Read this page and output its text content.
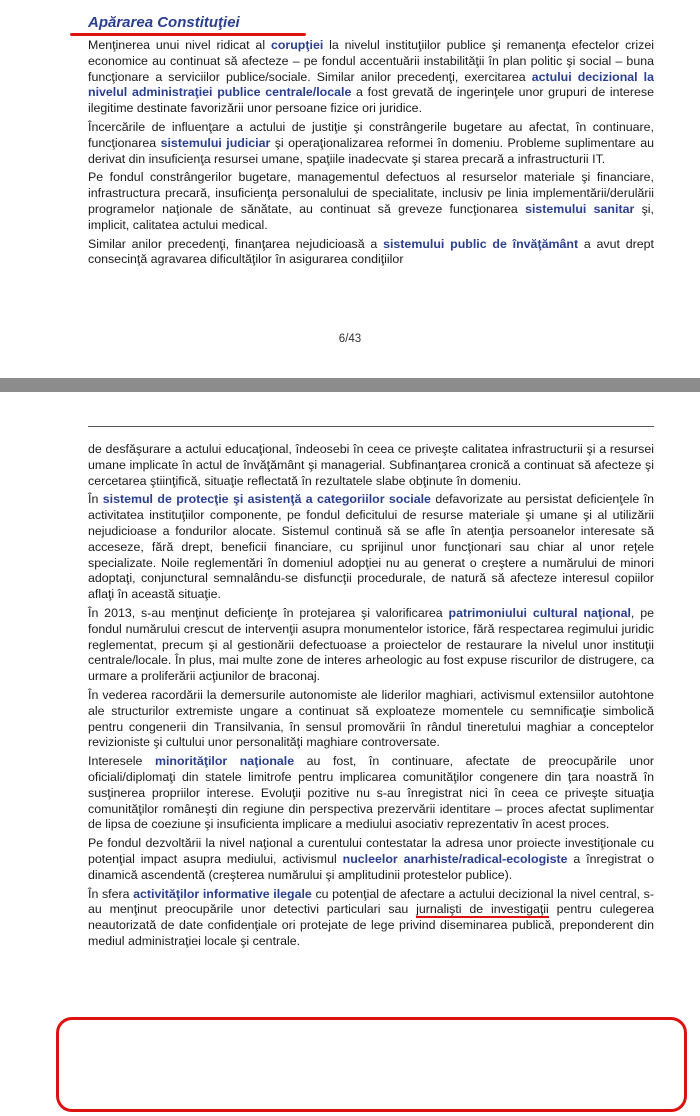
Apărarea Constituţiei

Menţinerea unui nivel ridicat al corupţiei la nivelul instituţiilor publice şi remanenţa efectelor crizei economice au continuat să afecteze – pe fondul accentuării instabilităţii în plan politic şi social – buna funcţionare a serviciilor publice/sociale. Similar anilor precedenţi, exercitarea actului decizional la nivelul administraţiei publice centrale/locale a fost grevată de ingerinţele unor grupuri de interese ilegitime destinate favorizării unor persoane fizice ori juridice.

Încercările de influenţare a actului de justiţie şi constrângerile bugetare au afectat, în continuare, funcţionarea sistemului judiciar şi operaţionalizarea reformei în domeniu. Probleme suplimentare au derivat din insuficienţa resursei umane, spaţiile inadecvate şi starea precară a infrastructurii IT.

Pe fondul constrângerilor bugetare, managementul defectuos al resurselor materiale şi financiare, infrastructura precară, insuficienţa personalului de specialitate, inclusiv pe linia implementării/derulării programelor naţionale de sănătate, au continuat să greveze funcţionarea sistemului sanitar şi, implicit, calitatea actului medical.

Similar anilor precedenţi, finanţarea nejudicioasă a sistemului public de învăţământ a avut drept consecinţă agravarea dificultăţilor în asigurarea condiţiilor

6/43

de desfăşurare a actului educaţional, îndeosebi în ceea ce priveşte calitatea infrastructurii şi a resursei umane implicate în actul de învăţământ şi managerial. Subfinanţarea cronică a continuat să afecteze şi cercetarea ştiinţifică, situaţie reflectată în rezultatele slabe obţinute în domeniu.

În sistemul de protecţie şi asistenţă a categoriilor sociale defavorizate au persistat deficienţele în activitatea instituţiilor componente, pe fondul deficitului de resurse materiale şi umane şi al utilizării nejudicioase a fondurilor alocate. Sistemul continuă să se afle în atenţia persoanelor interesate să acceseze, fără drept, beneficii financiare, cu sprijinul unor funcţionari sau chiar al unor reţele specializate. Noile reglementări în domeniul adopţiei nu au generat o creştere a numărului de minori adoptaţi, conjunctural semnalându-se disfuncţii procedurale, de natură să afecteze interesul copiilor aflaţi în această situaţie.

În 2013, s-au menţinut deficienţe în protejarea şi valorificarea patrimoniului cultural naţional, pe fondul numărului crescut de intervenţii asupra monumentelor istorice, fără respectarea regimului juridic reglementat, precum şi al gestionării defectuoase a proiectelor de restaurare la nivelul unor instituţii centrale/locale. În plus, mai multe zone de interes arheologic au fost expuse riscurilor de distrugere, ca urmare a proliferării acţiunilor de braconaj.

În vederea racordării la demersurile autonomiste ale liderilor maghiari, activismul extensiilor autohtone ale structurilor extremiste ungare a continuat să exploateze momentele cu semnificaţie simbolică pentru congenerii din Transilvania, în sensul promovării în rândul tineretului maghiar a conceptelor revizioniste şi cultului unor personalităţi maghiare controversate.

Interesele minorităţilor naţionale au fost, în continuare, afectate de preocupările unor oficiali/diplomaţi din statele limitrofe pentru implicarea comunităţilor congenere din ţara noastră în susţinerea propriilor interese. Evoluţii pozitive nu s-au înregistrat nici în ceea ce priveşte situaţia comunităţilor româneşti din regiune din perspectiva prezervării identitare – proces afectat suplimentar de lipsa de coeziune şi insuficienta implicare a mediului asociativ reprezentativ în acest proces.

Pe fondul dezvoltării la nivel naţional a curentului contestatar la adresa unor proiecte investiţionale cu potenţial impact asupra mediului, activismul nucleelor anarhiste/radical-ecologiste a înregistrat o dinamică ascendentă (creşterea numărului şi amplitudinii protestelor publice).

În sfera activităţilor informative ilegale cu potenţial de afectare a actului decizional la nivel central, s-au menţinut preocupările unor detectivi particulari sau jurnalişti de investigaţii pentru culegerea neautorizată de date confidenţiale ori protejate de lege privind diseminarea publică, preponderent din mediul administraţiei locale şi centrale.
